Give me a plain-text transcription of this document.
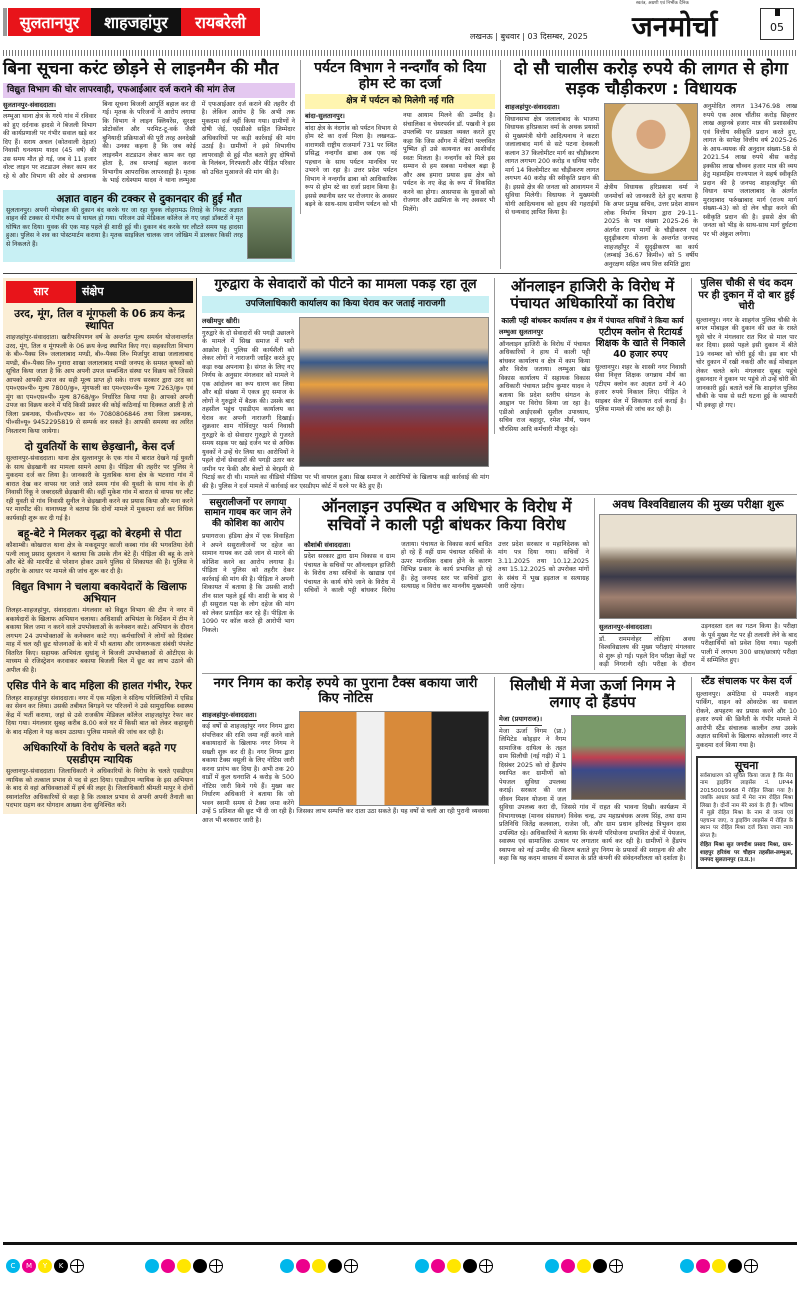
सुलतानपुर	शाहजहांपुर	रायबरेली
लखनऊ | बुधवार | 03 दिसम्बर, 2025
स्वतंत्र, अग्रणी एवं निर्भीक दैनिक
जनमोर्चा	05
बिना सूचना करंट छोड़ने से लाइनमैन की मौत
विद्युत विभाग की घोर लापरवाही, एफआईआर दर्ज कराने की मांग तेज
सुलतानपुर-संवाददाता।
लम्भुआ थाना क्षेत्र के गरये गांव में रविवार को हुए दर्दनाक हादसे ने बिजली विभाग की कार्यप्रणाली पर गंभीर सवाल खड़े कर दिए हैं। सराय अचल (कोतवाली देहात) निवासी घनश्याम यादव (45 वर्ष) की उस समय मौत हो गई, जब वे 11 हजार वोल्ट लाइन पर शटडाउन लेकर काम कर रहे थे और विभाग की ओर से अचानक बिना सूचना बिजली आपूर्ति बहाल कर दी गई। मृतक के परिजनों ने आरोप लगाया कि विभाग ने लाइन क्लियरेंस, सुरक्षा प्रोटोकॉल और परमिट-टू-वर्क जैसी बुनियादी प्रक्रियाओं की पूरी तरह अनदेखी की। उनका कहना है कि जब कोई लाइनमैन शटडाउन लेकर काम कर रहा होता है, तब सप्लाई बहाल करना विभागीय आपराधिक लापरवाही है। मृतक के भाई राधेश्याम यादव ने थाना लम्भुआ में एफआईआर दर्ज कराने की तहरीर दी है। लेकिन आरोप है कि अभी तक मुकदमा दर्ज नहीं किया गया। ग्रामीणों ने दोषी जेई, एसडीओ सहित जिम्मेदार अधिकारियों पर कड़ी कार्रवाई की मांग उठाई है। ग्रामीणों ने इसे विभागीय लापरवाही से हुई मौत बताते हुए दोषियों के निलंबन, गिरफ्तारी और पीड़ित परिवार को उचित मुआवजे की मांग की है।
अज्ञात वाहन की टक्कर से दुकानदार की हुई मौत
सुलतानपुर। अपनी मोबाइल की दुकान बंद करके घर जा रहा युवक लोहरामऊ तिराहे के निकट अज्ञात वाहन की टक्कर से गंभीर रूप से घायल हो गया। परिजन उसे मेडिकल कॉलेज ले गए जहां डॉक्टरों ने मृत घोषित कर दिया। युवक की एक माह पहले ही शादी हुई थी। दुकान बंद करके घर लौटते समय यह हादसा हुआ। पुलिस ने शव का पोस्टमार्टम कराया है। मृतक साइकिल चालक जान जोखिम में डालकर किसी तरह से निकलते हैं।
पर्यटन विभाग ने नन्दगाँव को दिया होम स्टे का दर्जा
क्षेत्र में पर्यटन को मिलेगी नई गति
बांदा-सुलतानपुर।
बांदा क्षेत्र के नंदगांव को पर्यटन विभाग से होम स्टे का दर्जा मिला है। लखनऊ-वाराणसी राष्ट्रीय राजमार्ग 731 पर स्थित प्रसिद्ध नन्दगाँव ढाबा अब एक नई पहचान के साथ पर्यटन मानचित्र पर उभरने जा रहा है। उत्तर प्रदेश पर्यटन विभाग ने नन्दगाँव ढाबा को आधिकारिक रूप से होम स्टे का दर्जा प्रदान किया है। इससे स्थानीय स्तर पर रोजगार के अवसर बढ़ने के साथ-साथ ग्रामीण पर्यटन को भी नया आयाम मिलने की उम्मीद है। संचालिका व चेयरपर्सन डॉ. पखवी ने इस उपलब्धि पर प्रसन्नता व्यक्त करते हुए कहा कि जिस आँगन में बेटियां पल्लवित पुष्पित हों उसे कायनात का आशीर्वाद स्वतः मिलता है। नन्दगाँव को मिले इस सम्मान से हम सबका मनोबल बढ़ा है और अब हमारा प्रयास इस क्षेत्र को पर्यटन के नए केंद्र के रूप में विकसित करने का होगा। आसपास के युवाओं को रोजगार और उद्यमिता के नए अवसर भी मिलेंगे।
दो सौ चालीस करोड़ रुपये की लागत से होगा सड़क चौड़ीकरण : विधायक
शाहजहांपुर-संवाददाता।
विधानसभा क्षेत्र जलालाबाद के भाजपा विधायक हरिप्रकाश वर्मा के अथक प्रयासों से मुख्यमंत्री योगी आदित्यनाथ ने कटरा जलालाबाद मार्ग से सटे पटना देवकली कलान 37 किलोमीटर मार्ग का चौड़ीकरण लागत लगभग 200 करोड़ व धनिया परौर मार्ग 14 किलोमीटर का चौड़ीकरण लागत लगभग 40 करोड़ की स्वीकृति प्रदान की है। इससे क्षेत्र की जनता को आवागमन में सुविधा मिलेगी। विधायक ने मुख्यमंत्री योगी आदित्यनाथ को हृदय की गहराईयों से धन्यवाद ज्ञापित किया है।
क्षेत्रीय विधायक हरिप्रकाश वर्मा ने जनमोर्चा को जानकारी देते हुए बताया है कि अपर प्रमुख सचिव, उत्तर प्रदेश शासन लोक निर्माण विभाग द्वारा 29-11-2025 के पत्र संख्या 2025-26 के अंतर्गत राज्य मार्गों के चौड़ीकरण एवं सुदृढ़ीकरण योजना के अन्तर्गत जनपद शाहजहाँपुर में सुदृढ़ीकरण का कार्य (लम्बाई 36.67 किमी०) को 5 वर्षीय अनुरक्षण सहित व्यय वित्त समिति द्वारा
अनुमोदित लागत 13476.98 लाख रुपये एक अरब चौंतीस करोड़ छिहत्तर लाख अट्ठानबे हजार मात्र की प्रशासकीय एवं वित्तीय स्वीकृति प्रदान करते हुए, लागत के सापेक्ष वित्तीय वर्ष 2025-26 के आय-व्ययक की अनुदान संख्या-58 से 2021.54 लाख रुपये बीस करोड़ इक्कीस लाख चौव्वन हजार मात्र की व्यय हेतु महामहिम राज्यपाल ने सहर्ष स्वीकृति प्रदान की है जनपद शाहजहाँपुर की विधान सभा जलालाबाद के अंतर्गत मुरादाबाद फर्रुखाबाद मार्ग (राज्य मार्ग संख्या-43) को दो लेन चौड़ा करने की स्वीकृति प्रदान की है। इससे क्षेत्र की जनता को भीड़ के साथ-साथ मार्ग दुर्घटना पर भी अंकुश लगेगा।
सार	संक्षेप
उरद, मूंग, तिल व मूंगफली के 06 क्रय केन्द्र स्थापित
शाहजहांपुर-संवाददाता। खरीफविपणन वर्ष के अन्तर्गत मूल्य समर्थन योजनान्तर्गत उरद, मूंग, तिल व मूंगफली के 06 क्रय केन्द्र स्थापित किए गए। सहकारिता विभाग के बी०-पैक्स लि० जलालाबाद मण्डी, बी०-पैक्स लि० मिर्जापुर शाखा जलालाबाद मण्डी, बी०-पैक्स लि० गुनारा शाखा जलालाबाद मण्डी जनपद के समस्त कृषकों को सूचित किया जाता है कि आप अपनी उपज सम्बन्धित संस्था पर विक्रय करें जिससे आपको आपकी उपज का सही मूल्य प्राप्त हो सके। राज्य सरकार द्वारा उरद का एम०एस०पी० मूल्य 7800/कु०, मूंगफली का एम०एस०पी० मूल्य 7263/कु० एवं मूंग का एम०एस०पी० मूल्य 8768/कु० निर्धारित किया गया है। आपको अपनी उपज का विक्रय करने में यदि किसी प्रकार की कोई कठिनाई या दिक्कत आती है तो जिला प्रबन्धक, पी०सी०एफ० का नं० 7080806846 तथा जिला प्रबन्धक, पी०सी०यू० 9452295819 से सम्पर्क कर सकते है। आपकी समस्या का त्वरित निस्तारण किया जायेगा।
दो युवतियों के साथ छेड़खानी, केस दर्ज
सुल्तानपुर-संवाददाता। थाना क्षेत्र सुल्तानपुर के एक गांव में बारात देखने गई युवती के साथ छेड़खानी का मामला सामने आया है। पीड़िता की तहरीर पर पुलिस ने मुकदमा दर्ज कर लिया है। जानकारी के मुताबिक थाना क्षेत्र के भटवारा गांव में बारात देख कर वापस घर जाते जाते समय गांव की युवती के साथ गांव के ही निवासी रिंकू ने जबरदस्ती छेड़खानी की। वहीं मुकेश गांव में बारात से वापस घर लौट रही युवती से गांव निवासी सुनील ने छेड़खानी करने का प्रयास किया और मना करने पर मारपीट की। थानाध्यक्ष ने बताया कि दोनों मामले में मुकदमा दर्ज कर विधिक कार्यवाही शुरू कर दी गई है।
बहू-बेटे ने मिलकर वृद्धा को बेरहमी से पीटा
कौशाम्बी। कोखराज थाना क्षेत्र के मकदूमपुर काजी कस्बा गांव की भगवतिया देवी पत्नी लालू प्रसाद सुलतान ने बताया कि उसके तीन बेटे हैं। पीड़िता की बहू के ताने और बेटे की मारपीट से परेशान होकर उसने पुलिस से शिकायत की है। पुलिस ने तहरीर के आधार पर मामले की जांच शुरू कर दी है।
विद्युत विभाग ने चलाया बकायेदारों के खिलाफ अभियान
तिलहर-शाहजहांपुर, संवाददाता। मंगलवार को विद्युत विभाग की टीम ने नगर में बकायेदारों के खिलाफ अभियान चलाया। अधिशासी अभियंता के निर्देशन में टीम ने बकाया बिल जमा न करने वाले उपभोक्ताओं के कनेक्शन काटे। अभियान के दौरान लगभग 24 उपभोक्ताओं के कनेक्शन काटे गए। कर्मचारियों ने लोगों को दिसंबर माह में चल रही छूट योजनाओं के बारे में भी बताया और जागरूकता संबंधी पंपलेट वितरित किए। सहायक अभियंता सुधांशु ने बिजली उपभोक्ताओं से ओटीएस के माध्यम से रजिस्ट्रेशन करवाकर बकाया बिजली बिल में छूट का लाभ उठाने की अपील की है।
एसिड पीने के बाद महिला की हालत गंभीर, रेफर
तिलहर शाहजहांपुर संवाददाता। नगर में एक महिला ने संदिग्ध परिस्थितियों में एसिड का सेवन कर लिया। उसकी तबीयत बिगड़ने पर परिजनों ने उसे सामुदायिक स्वास्थ्य केंद्र में भर्ती कराया, जहां से उसे राजकीय मेडिकल कॉलेज शाहजहांपुर रेफर कर दिया गया। मंगलवार सुबह करीब 8.00 बजे घर में किसी बात को लेकर कहासुनी के बाद महिला ने यह कदम उठाया। पुलिस मामले की जांच कर रही है।
अधिकारियों के विरोध के चलते बढ़ते गए एसडीएम न्यायिक
सुल्तानपुर-संवाददाता। जिलाधिकारी ने अधिकारियों के विरोध के चलते एसडीएम न्यायिक को तत्काल प्रभाव से पद से हटा दिया। एसडीएम न्यायिक के इस अभियान के बाद से वहां अधिवक्ताओं में हर्ष की लहर है। जिलाधिकारी श्रीमती मापुर ने दोनों स्थानांतरित अधिकारियों से कहा है कि तत्काल प्रभाव से अपनी अपनी तैनाती का पदभार ग्रहण कर योगदान आख्या देना सुनिश्चित करें।
गुरुद्वारा के सेवादारों को पीटने का मामला पकड़ रहा तूल
उपजिलाधिकारी कार्यालय का किया घेराव कर जताई नाराजगी
लखीमपुर खीरी।
गुरुद्वारे के दो सेवादारों की पगड़ी उछालने के मामले में सिख समाज में भारी आक्रोश है। पुलिस की कार्यशैली को लेकर लोगों ने नाराजगी जाहिर करते हुए कड़ा रुख अपनाया है। संगत के लिए नए निर्णय के अनुसार मंगलवार को मामले ने एक आंदोलन का रूप धारण कर लिया और बड़ी संख्या में एकत्र हुए समाज के लोगों ने गुरुद्वारे में बैठक की। उसके बाद तहसील पहुंच एसडीएम कार्यालय का घेराव कर अपनी नाराजगी दिखाई। शुक्रवार शाम गोविंदपुर फार्म निवासी गुरुद्वारे के दो सेवादार गुरुद्वारे से गुजरते समय सड़क पर खड़े दर्जन भर से अधिक युवकों ने उन्हें घेर लिया था। आरोपियों ने पहले दोनों सेवादारों की पगड़ी उतार कर जमीन पर फेंकी और बेल्टों से बेरहमी से पिटाई कर दी थी। मामले का वीडियो मीडिया पर भी वायरल हुआ। सिख समाज ने आरोपियों के खिलाफ कड़ी कार्रवाई की मांग की है। पुलिस ने दर्ज मामले में कार्रवाई कर एसडीएम कोर्ट में धरने पर बैठे हुए हैं।
ऑनलाइन हाजिरी के विरोध में पंचायत अधिकारियों का विरोध
काली पट्टी बांधकर कार्यालय व क्षेत्र में पंचायत सचिवों ने किया कार्य
लम्भुआ सुलतानपुर
ऑनलाइन हाजिरी के विरोध में पंचायत अधिकारियों ने हाथ में काली पट्टी बांधकर कार्यालय व क्षेत्र में काम किया और विरोध जताया। लम्भुआ खंड विकास कार्यालय में सहायक विकास अधिकारी पंचायत प्रदीप कुमार यादव ने बताया कि प्रदेश स्तरीय संगठन के आह्वान पर विरोध किया जा रहा है। एडीओ आईएसबी सुशील उपाध्याय, सचिव राज बहादुर, रमेश मौर्य, पवन चौरसिया आदि कर्मचारी मौजूद रहे।
एटीएम क्लोन से रिटायर्ड शिक्षक के खाते से निकाले 40 हजार रुपए
सुल्तानपुर। शहर के शास्त्री नगर निवासी सेवा निवृत्त शिक्षक जगन्नाथ मौर्य का एटीएम क्लोन कर अज्ञात ठगों ने 40 हजार रुपये निकाल लिए। पीड़ित ने साइबर सेल में शिकायत दर्ज कराई है। पुलिस मामले की जांच कर रही है।
पुलिस चौकी से चंद कदम पर ही दुकान में दो बार हुई चोरी
सुल्तानपुर। नगर के शाहगंज पुलिस चौकी के बगल मोबाइल की दुकान की छत के रास्ते घुसे चोर ने मंगलवार रात फिर से माल पार कर दिया। इससे पहले इसी दुकान में बीते 19 नवम्बर को चोरी हुई थी। इस बार भी चोर दुकान में रखी नकदी और कई मोबाइल लेकर चलते बने। मंगलवार सुबह पहुंचे दुकानदार ने दुकान पर पहुंचे तो उन्हें चोरी की जानकारी हुई। बताते चलें कि शाहगंज पुलिस चौकी के पास से सटी घटना हुई के व्यापारी भी इकट्ठा हो गए।
ससुरालीजनों पर लगाया सामान गायब कर जान लेने की कोशिश का आरोप
प्रयागराज। हंडिया क्षेत्र में एक विवाहिता ने अपने ससुरालीजनों पर दहेज का सामान गायब कर उसे जान से मारने की कोशिश करने का आरोप लगाया है। पीड़िता ने पुलिस को तहरीर देकर कार्रवाई की मांग की है। पीड़िता ने अपनी शिकायत में बताया है कि उसकी शादी तीन साल पहले हुई थी। शादी के बाद से ही ससुराल पक्ष के लोग दहेज की मांग को लेकर प्रताड़ित कर रहे हैं। पीड़िता के 1090 पर कॉल करते ही आरोपी भाग निकले।
ऑनलाइन उपस्थित व अधिभार के विरोध में सचिवों ने काली पट्टी बांधकर किया विरोध
कौशांबी संवाददाता।
प्रदेश सरकार द्वारा ग्राम विकास व ग्राम पंचायत के सचिवों पर ऑनलाइन हाजिरी के विरोध तथा सचिवों के खाद्यान्न एवं पंचायत के कार्य थोपे जाने के विरोध में सचिवों ने काली पट्टी बांधकर विरोध जताया। पंचायत के विकास कार्य बाधित हो रहे हैं वहीं ग्राम पंचायत सचिवों के ऊपर मानसिक दबाव होने के कारण विभिन्न प्रकार के कार्य प्रभावित हो रहे हैं। हेतु जनपद स्तर पर सचिवों द्वारा सत्याग्रह व विरोध कर माननीय मुख्यमंत्री उत्तर प्रदेश सरकार व महानिदेशक को मांग पत्र दिया गया। सचिवों ने 3.11.2025 तथा 10.12.2025 तथा 15.12.2025 को उपरोक्त मांगों के संबंध में भूख हड़ताल व सत्याग्रह जारी रहेगा।
अवध विश्वविद्यालय की मुख्य परीक्षा शुरू
सुलतानपुर-संवाददाता।
डॉ. राममनोहर लोहिया अवध विश्वविद्यालय की मुख्य परीक्षाएं मंगलवार से शुरू हो गईं। पहले दिन परीक्षा केंद्रों पर कड़ी निगरानी रही। परीक्षा के दौरान उड़नदस्ता दल का गठन किया है। परीक्षा के पूर्व मुख्य गेट पर ही तलाशी लेने के बाद परीक्षार्थियों को प्रवेश दिया गया। पहली पाली में लगभग 300 छात्र/छात्राएं परीक्षा में सम्मिलित हुए।
नगर निगम का करोड़ रुपये का पुराना टैक्स बकाया जारी किए नोटिस
शाहजहांपुर-संवाददाता।
कई वर्षों से शाहजहांपुर नगर निगम द्वारा संपत्तिकर की राशि जमा नहीं करने वाले बकायादारों के खिलाफ नगर निगम ने सख्ती शुरू कर दी है। नगर निगम द्वारा बकाया टैक्स वसूली के लिए नोटिस जारी करना प्रारंभ कर दिया है। अभी तक 20 वार्डों में कुल धनराशि 4 करोड़ के 500 नोटिस जारी किये गये हैं। मुख्य कर निर्धारण अधिकारी ने बताया कि जो भवन स्वामी समय से टैक्स जमा करेंगे उन्हें 5 प्रतिशत की छूट भी दी जा रही है। जिसका लाभ सम्पत्ति कर दाता उठा सकते हैं। यह वर्षों से चली आ रही पुरानी व्यवस्था आज भी बरकरार जारी है।
सिलौधी में मेजा ऊर्जा निगम ने लगाए दो हैंडपंप
मेजा (प्रयागराज)।
मेजा ऊर्जा निगम (प्रा.) लिमिटेड कोहड़ार ने नैगम सामाजिक दायित्व के तहत ग्राम सिलौधी (नई गढ़ी) में 1 दिसंबर 2025 को दो हैंडपंप स्थापित कर ग्रामीणों को पेयजल सुविधा उपलब्ध कराई। सरकार की जल जीवन मिशन योजना में जल सुविधा उपलब्ध करा दी, जिससे गांव में राहत की भावना दिखी। कार्यक्रम में विभागाध्यक्ष (मानव संसाधन) विवेक चन्द्र, उप महाप्रबंधक अजय सिंह, तथा ग्राम प्रतिनिधि जितेंद्र कलवाला, राजेश जी, और ग्राम प्रधान हरिश्चंद्र त्रिभुवन दास उपस्थित रहे। अधिकारियों ने बताया कि कंपनी परियोजना प्रभावित क्षेत्रों में पेयजल, स्वास्थ्य एवं सामाजिक उत्थान पर लगातार कार्य कर रही है। ग्रामीणों ने हैंडपंप स्थापना को नई उम्मीद की किरण बताते हुए निगम के प्रयासों की सराहना की और कहा कि यह कदम वास्तव में समाज के प्रति कंपनी की संवेदनशीलता को दर्शाता है।
स्टैंड संचालक पर केस दर्ज
सुल्तानपुर। अमेठिया से ममलरी वाहन पार्किंग, वाहन को ओवरटेक का सवाल रोकने, अपहरण का प्रयास करने और 10 हजार रुपये की छिनैती के गंभीर मामले में आरोपी स्टैंड संचालक कालीन तथा उसके अज्ञात साथियों के खिलाफ कोतवाली नगर में मुकदमा दर्ज किया गया है।
सूचना
सर्वसाधारण को सूचित किया जाता है कि मेरा नाम ड्राइविंग लाइसेंस नं. UP44 20150019968 में रोहित लिखा गया है। जबकि आधार कार्ड में मेरा नाम रोहित मिश्रा लिखा है। दोनों नाम मेरे स्वयं के ही हैं। भविष्य में मुझे रोहित मिश्रा के नाम से जाना एवं पहचाना जाए, व ड्राइविंग लाइसेंस में रोहित के स्थान पर रोहित मिश्रा दर्ज किया जाना न्याय संगत है।
रोहित मिश्रा सुत जगदीश प्रसाद मिश्रा, ग्राम-शाहपुर हरिवंश पर चौहान तहसील-लम्भुआ, जनपद सुलतानपुर (उ.प्र.)।
C M Y K
